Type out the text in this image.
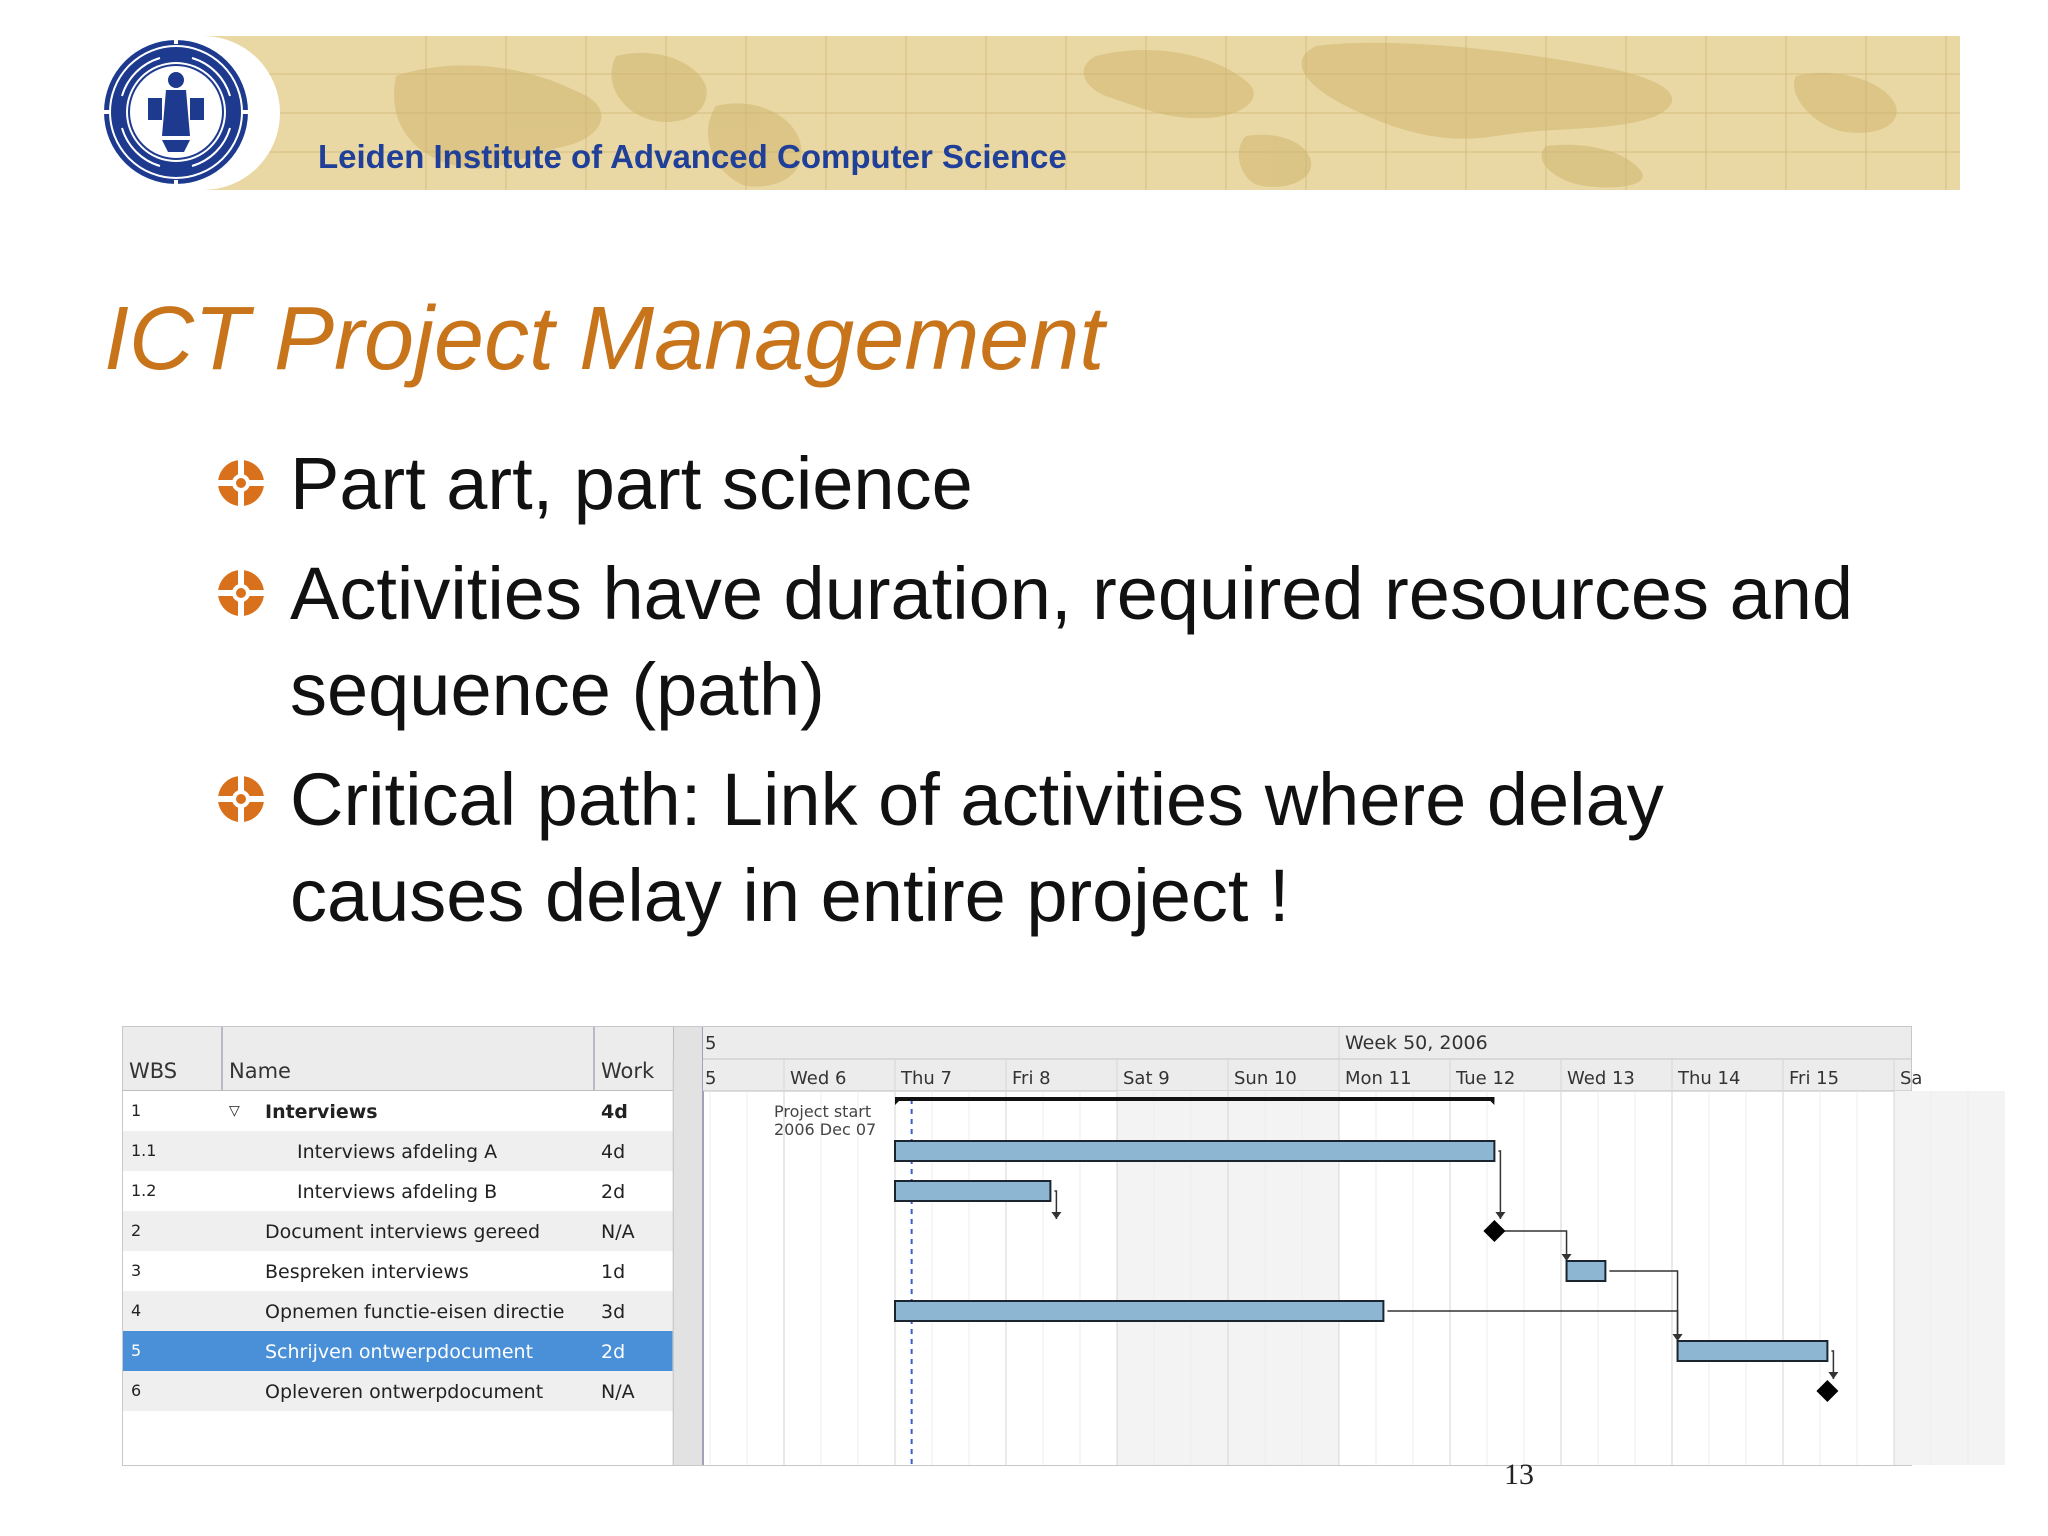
Leiden Institute of Advanced Computer Science
ICT Project Management
Part art, part science
Activities have duration, required resources and sequence (path)
Critical path: Link of activities where delay causes delay in entire project !
WBS	Name	Work
1	▽ Interviews	4d
1.1	Interviews afdeling A	4d
1.2	Interviews afdeling B	2d
2	Document interviews gereed	N/A
3	Bespreken interviews	1d
4	Opnemen functie-eisen directie 3d
5	Schrijven ontwerpdocument	2d
6	Opleveren ontwerpdocument	N/A
5	Wed 6	Thu 7	Fri 8	Sat 9	Sun 10	Mon 11 Tue 12	Wed 13 Thu 14	Fri 15	Sa
5	Week 50, 2006
Project start
2006 Dec 07
13
